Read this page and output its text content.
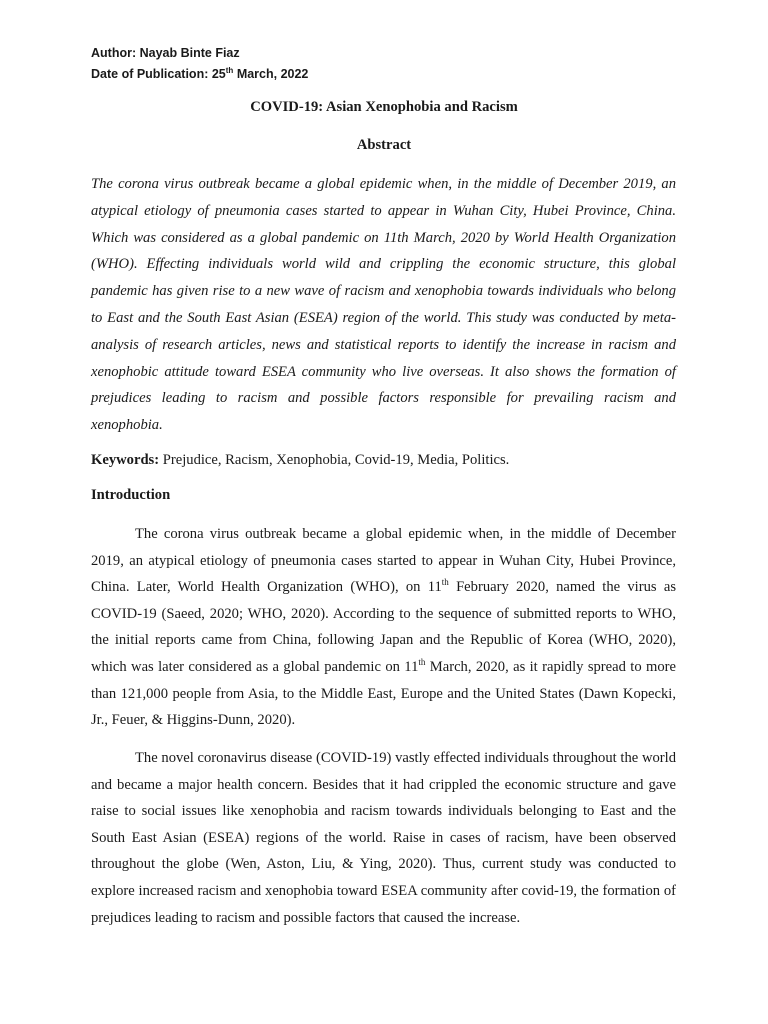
Author: Nayab Binte Fiaz
Date of Publication: 25th March, 2022
COVID-19: Asian Xenophobia and Racism
Abstract
The corona virus outbreak became a global epidemic when, in the middle of December 2019, an atypical etiology of pneumonia cases started to appear in Wuhan City, Hubei Province, China. Which was considered as a global pandemic on 11th March, 2020 by World Health Organization (WHO). Effecting individuals world wild and crippling the economic structure, this global pandemic has given rise to a new wave of racism and xenophobia towards individuals who belong to East and the South East Asian (ESEA) region of the world. This study was conducted by meta-analysis of research articles, news and statistical reports to identify the increase in racism and xenophobic attitude toward ESEA community who live overseas. It also shows the formation of prejudices leading to racism and possible factors responsible for prevailing racism and xenophobia.
Keywords: Prejudice, Racism, Xenophobia, Covid-19, Media, Politics.
Introduction
The corona virus outbreak became a global epidemic when, in the middle of December 2019, an atypical etiology of pneumonia cases started to appear in Wuhan City, Hubei Province, China. Later, World Health Organization (WHO), on 11th February 2020, named the virus as COVID-19 (Saeed, 2020; WHO, 2020). According to the sequence of submitted reports to WHO, the initial reports came from China, following Japan and the Republic of Korea (WHO, 2020), which was later considered as a global pandemic on 11th March, 2020, as it rapidly spread to more than 121,000 people from Asia, to the Middle East, Europe and the United States (Dawn Kopecki, Jr., Feuer, & Higgins-Dunn, 2020).
The novel coronavirus disease (COVID-19) vastly effected individuals throughout the world and became a major health concern. Besides that it had crippled the economic structure and gave raise to social issues like xenophobia and racism towards individuals belonging to East and the South East Asian (ESEA) regions of the world. Raise in cases of racism, have been observed throughout the globe (Wen, Aston, Liu, & Ying, 2020). Thus, current study was conducted to explore increased racism and xenophobia toward ESEA community after covid-19, the formation of prejudices leading to racism and possible factors that caused the increase.
